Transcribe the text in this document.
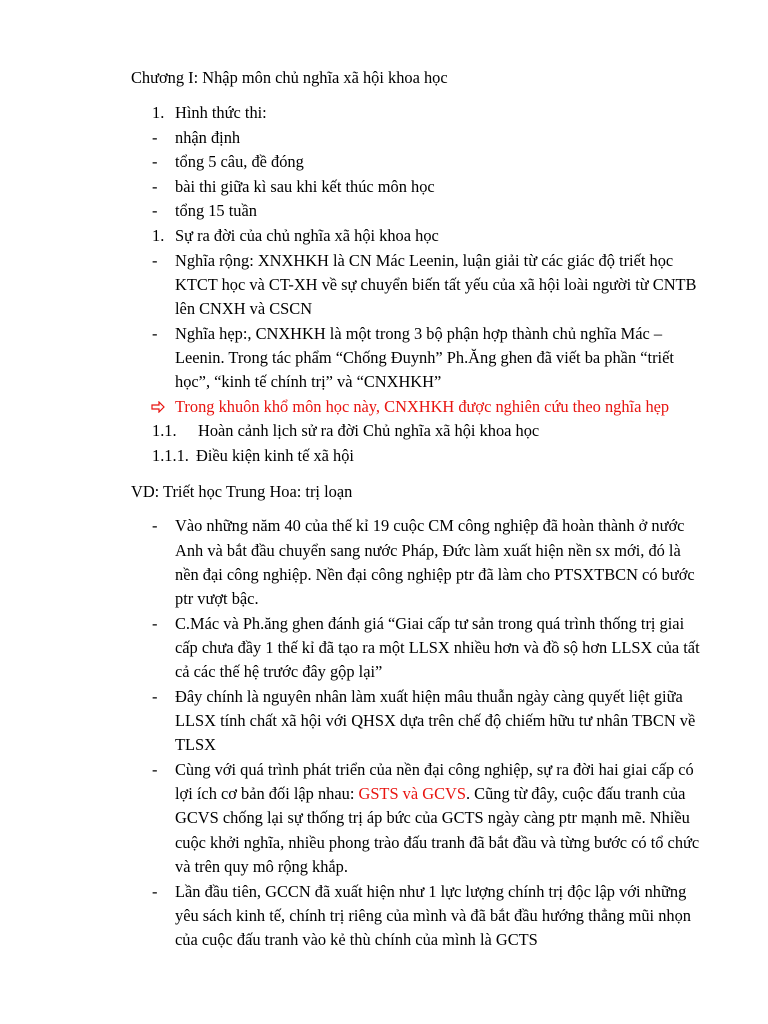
Chương I: Nhập môn chủ nghĩa xã hội khoa học
1. Hình thức thi:
- nhận định
- tổng 5 câu, đề đóng
- bài thi giữa kì sau khi kết thúc môn học
- tổng 15 tuần
1. Sự ra đời của chủ nghĩa xã hội khoa học
- Nghĩa rộng: XNXHKH là CN Mác Leenin, luận giải từ các giác độ triết học
KTCT học và CT-XH về sự chuyển biến tất yếu của xã hội loài người từ CNTB
lên CNXH và CSCN
- Nghĩa hẹp:, CNXHKH là một trong 3 bộ phận hợp thành chủ nghĩa Mác –
Leenin. Trong tác phẩm “Chống Đuynh” Ph.Ăng ghen đã viết ba phần “triết
học”, “kinh tế chính trị” và “CNXHKH”
Trong khuôn khổ môn học này, CNXHKH được nghiên cứu theo nghĩa hẹp
1.1. Hoàn cảnh lịch sử ra đời Chủ nghĩa xã hội khoa học
1.1.1. Điều kiện kinh tế xã hội
VD: Triết học Trung Hoa: trị loạn
- Vào những năm 40 của thế kỉ 19 cuộc CM công nghiệp đã hoàn thành ở nước
Anh và bắt đầu chuyển sang nước Pháp, Đức làm xuất hiện nền sx mới, đó là
nền đại công nghiệp. Nền đại công nghiệp ptr đã làm cho PTSXTBCN có bước
ptr vượt bậc.
- C.Mác và Ph.ăng ghen đánh giá “Giai cấp tư sản trong quá trình thống trị giai
cấp chưa đầy 1 thế kỉ đã tạo ra một LLSX nhiều hơn và đồ sộ hơn LLSX của tất
cả các thế hệ trước đây gộp lại”
- Đây chính là nguyên nhân làm xuất hiện mâu thuẫn ngày càng quyết liệt giữa
LLSX tính chất xã hội với QHSX dựa trên chế độ chiếm hữu tư nhân TBCN về
TLSX
- Cùng với quá trình phát triển của nền đại công nghiệp, sự ra đời hai giai cấp có
lợi ích cơ bản đối lập nhau: GSTS và GCVS. Cũng từ đây, cuộc đấu tranh của
GCVS chống lại sự thống trị áp bức của GCTS ngày càng ptr mạnh mẽ. Nhiều
cuộc khởi nghĩa, nhiều phong trào đấu tranh đã bắt đầu và từng bước có tổ chức
và trên quy mô rộng khắp.
- Lần đầu tiên, GCCN đã xuất hiện như 1 lực lượng chính trị độc lập với những
yêu sách kinh tế, chính trị riêng của mình và đã bắt đầu hướng thẳng mũi nhọn
của cuộc đấu tranh vào kẻ thù chính của mình là GCTS
